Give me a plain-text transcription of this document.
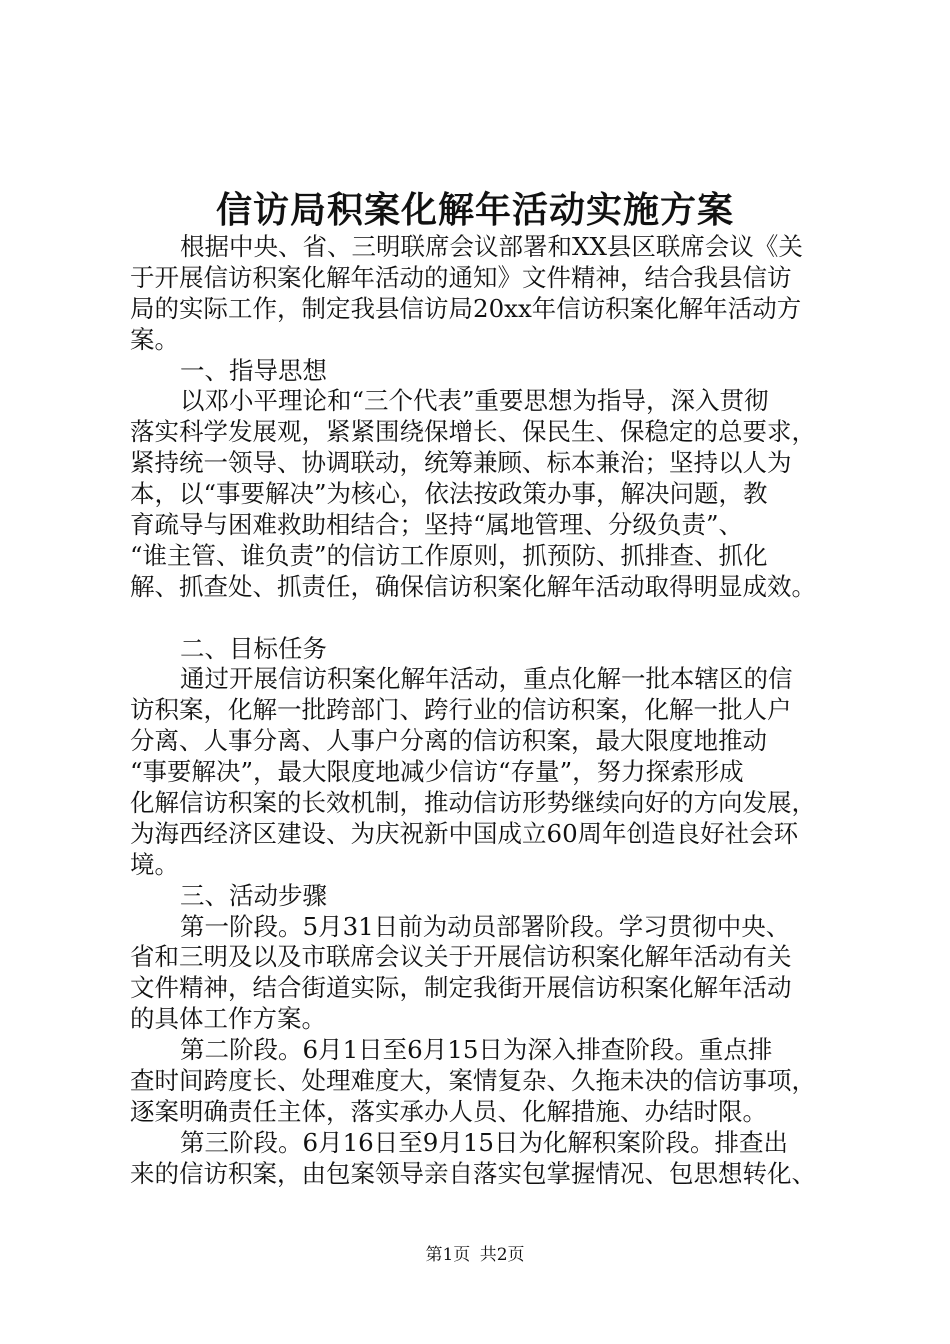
信访局积案化解年活动实施方案
根据中央、省、三明联席会议部署和XX县区联席会议《关
于开展信访积案化解年活动的通知》文件精神，结合我县信访
局的实际工作，制定我县信访局20xx年信访积案化解年活动方
案。
一、指导思想
以邓小平理论和“三个代表”重要思想为指导，深入贯彻
落实科学发展观，紧紧围绕保增长、保民生、保稳定的总要求，
紧持统一领导、协调联动，统筹兼顾、标本兼治；坚持以人为
本，以“事要解决”为核心，依法按政策办事，解决问题，教
育疏导与困难救助相结合；坚持“属地管理、分级负责”、
“谁主管、谁负责”的信访工作原则，抓预防、抓排查、抓化
解、抓查处、抓责任，确保信访积案化解年活动取得明显成效。
二、目标任务
通过开展信访积案化解年活动，重点化解一批本辖区的信
访积案，化解一批跨部门、跨行业的信访积案，化解一批人户
分离、人事分离、人事户分离的信访积案，最大限度地推动
“事要解决”，最大限度地减少信访“存量”，努力探索形成
化解信访积案的长效机制，推动信访形势继续向好的方向发展，
为海西经济区建设、为庆祝新中国成立60周年创造良好社会环
境。
三、活动步骤
第一阶段。5月31日前为动员部署阶段。学习贯彻中央、
省和三明及以及市联席会议关于开展信访积案化解年活动有关
文件精神，结合街道实际，制定我街开展信访积案化解年活动
的具体工作方案。
第二阶段。6月1日至6月15日为深入排查阶段。重点排
查时间跨度长、处理难度大，案情复杂、久拖未决的信访事项，
逐案明确责任主体，落实承办人员、化解措施、办结时限。
第三阶段。6月16日至9月15日为化解积案阶段。排查出
来的信访积案，由包案领导亲自落实包掌握情况、包思想转化、
第1页 共2页
